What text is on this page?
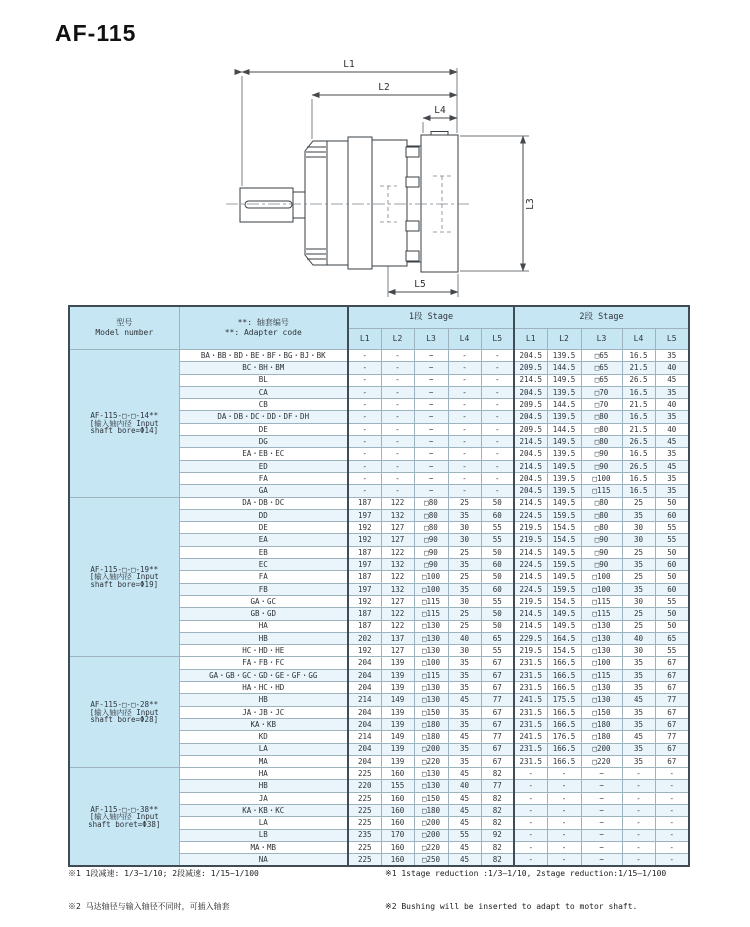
AF-115
L1
L2
L4
L3
L5
型号
Model number	**: 轴套编号
**: Adapter code	1段 Stage					2段 Stage				
		L1	L2	L3	L4	L5	L1	L2	L3	L4	L5

AF-115-□-□-14**
[输入轴内径 Input
shaft bore=Φ14]	BA・BB・BD・BE・BF・BG・BJ・BK	-	-	−	-	-	204.5	139.5	□65	16.5	35
	BC・BH・BM	-	-	−	-	-	209.5	144.5	□65	21.5	40
	BL	-	-	−	-	-	214.5	149.5	□65	26.5	45
	CA	-	-	−	-	-	204.5	139.5	□70	16.5	35
	CB	-	-	−	-	-	209.5	144.5	□70	21.5	40
	DA・DB・DC・DD・DF・DH	-	-	−	-	-	204.5	139.5	□80	16.5	35
	DE	-	-	−	-	-	209.5	144.5	□80	21.5	40
	DG	-	-	−	-	-	214.5	149.5	□80	26.5	45
	EA・EB・EC	-	-	−	-	-	204.5	139.5	□90	16.5	35
	ED	-	-	−	-	-	214.5	149.5	□90	26.5	45
	FA	-	-	−	-	-	204.5	139.5	□100	16.5	35
	GA	-	-	−	-	-	204.5	139.5	□115	16.5	35

AF-115-□-□-19**
[输入轴内径 Input
shaft bore=Φ19]	DA・DB・DC	187	122	□80	25	50	214.5	149.5	□80	25	50
	DD	197	132	□80	35	60	224.5	159.5	□80	35	60
	DE	192	127	□80	30	55	219.5	154.5	□80	30	55
	EA	192	127	□90	30	55	219.5	154.5	□90	30	55
	EB	187	122	□90	25	50	214.5	149.5	□90	25	50
	EC	197	132	□90	35	60	224.5	159.5	□90	35	60
	FA	187	122	□100	25	50	214.5	149.5	□100	25	50
	FB	197	132	□100	35	60	224.5	159.5	□100	35	60
	GA・GC	192	127	□115	30	55	219.5	154.5	□115	30	55
	GB・GD	187	122	□115	25	50	214.5	149.5	□115	25	50
	HA	187	122	□130	25	50	214.5	149.5	□130	25	50
	HB	202	137	□130	40	65	229.5	164.5	□130	40	65
	HC・HD・HE	192	127	□130	30	55	219.5	154.5	□130	30	55

AF-115-□-□-28**
[输入轴内径 Input
shaft bore=Φ28]	FA・FB・FC	204	139	□100	35	67	231.5	166.5	□100	35	67
	GA・GB・GC・GD・GE・GF・GG	204	139	□115	35	67	231.5	166.5	□115	35	67
	HA・HC・HD	204	139	□130	35	67	231.5	166.5	□130	35	67
	HB	214	149	□130	45	77	241.5	175.5	□130	45	77
	JA・JB・JC	204	139	□150	35	67	231.5	166.5	□150	35	67
	KA・KB	204	139	□180	35	67	231.5	166.5	□180	35	67
	KD	214	149	□180	45	77	241.5	176.5	□180	45	77
	LA	204	139	□200	35	67	231.5	166.5	□200	35	67
	MA	204	139	□220	35	67	231.5	166.5	□220	35	67

AF-115-□-□-38**
[输入轴内径 Input
shaft boret=Φ38]	HA	225	160	□130	45	82	-	-	−	-	-
	HB	220	155	□130	40	77	-	-	−	-	-
	JA	225	160	□150	45	82	-	-	−	-	-
	KA・KB・KC	225	160	□180	45	82	-	-	−	-	-
	LA	225	160	□200	45	82	-	-	−	-	-
	LB	235	170	□200	55	92	-	-	−	-	-
	MA・MB	225	160	□220	45	82	-	-	−	-	-
	NA	225	160	□250	45	82	-	-	−	-	-

※1 1段减速: 1/3~1/10; 2段减速: 1/15~1/100

※2 马达轴径与输入轴径不同时，可插入轴套

※1 1stage reduction :1/3–1/10, 2stage reduction:1/15–1/100

※2 Bushing will be inserted to adapt to motor shaft.
